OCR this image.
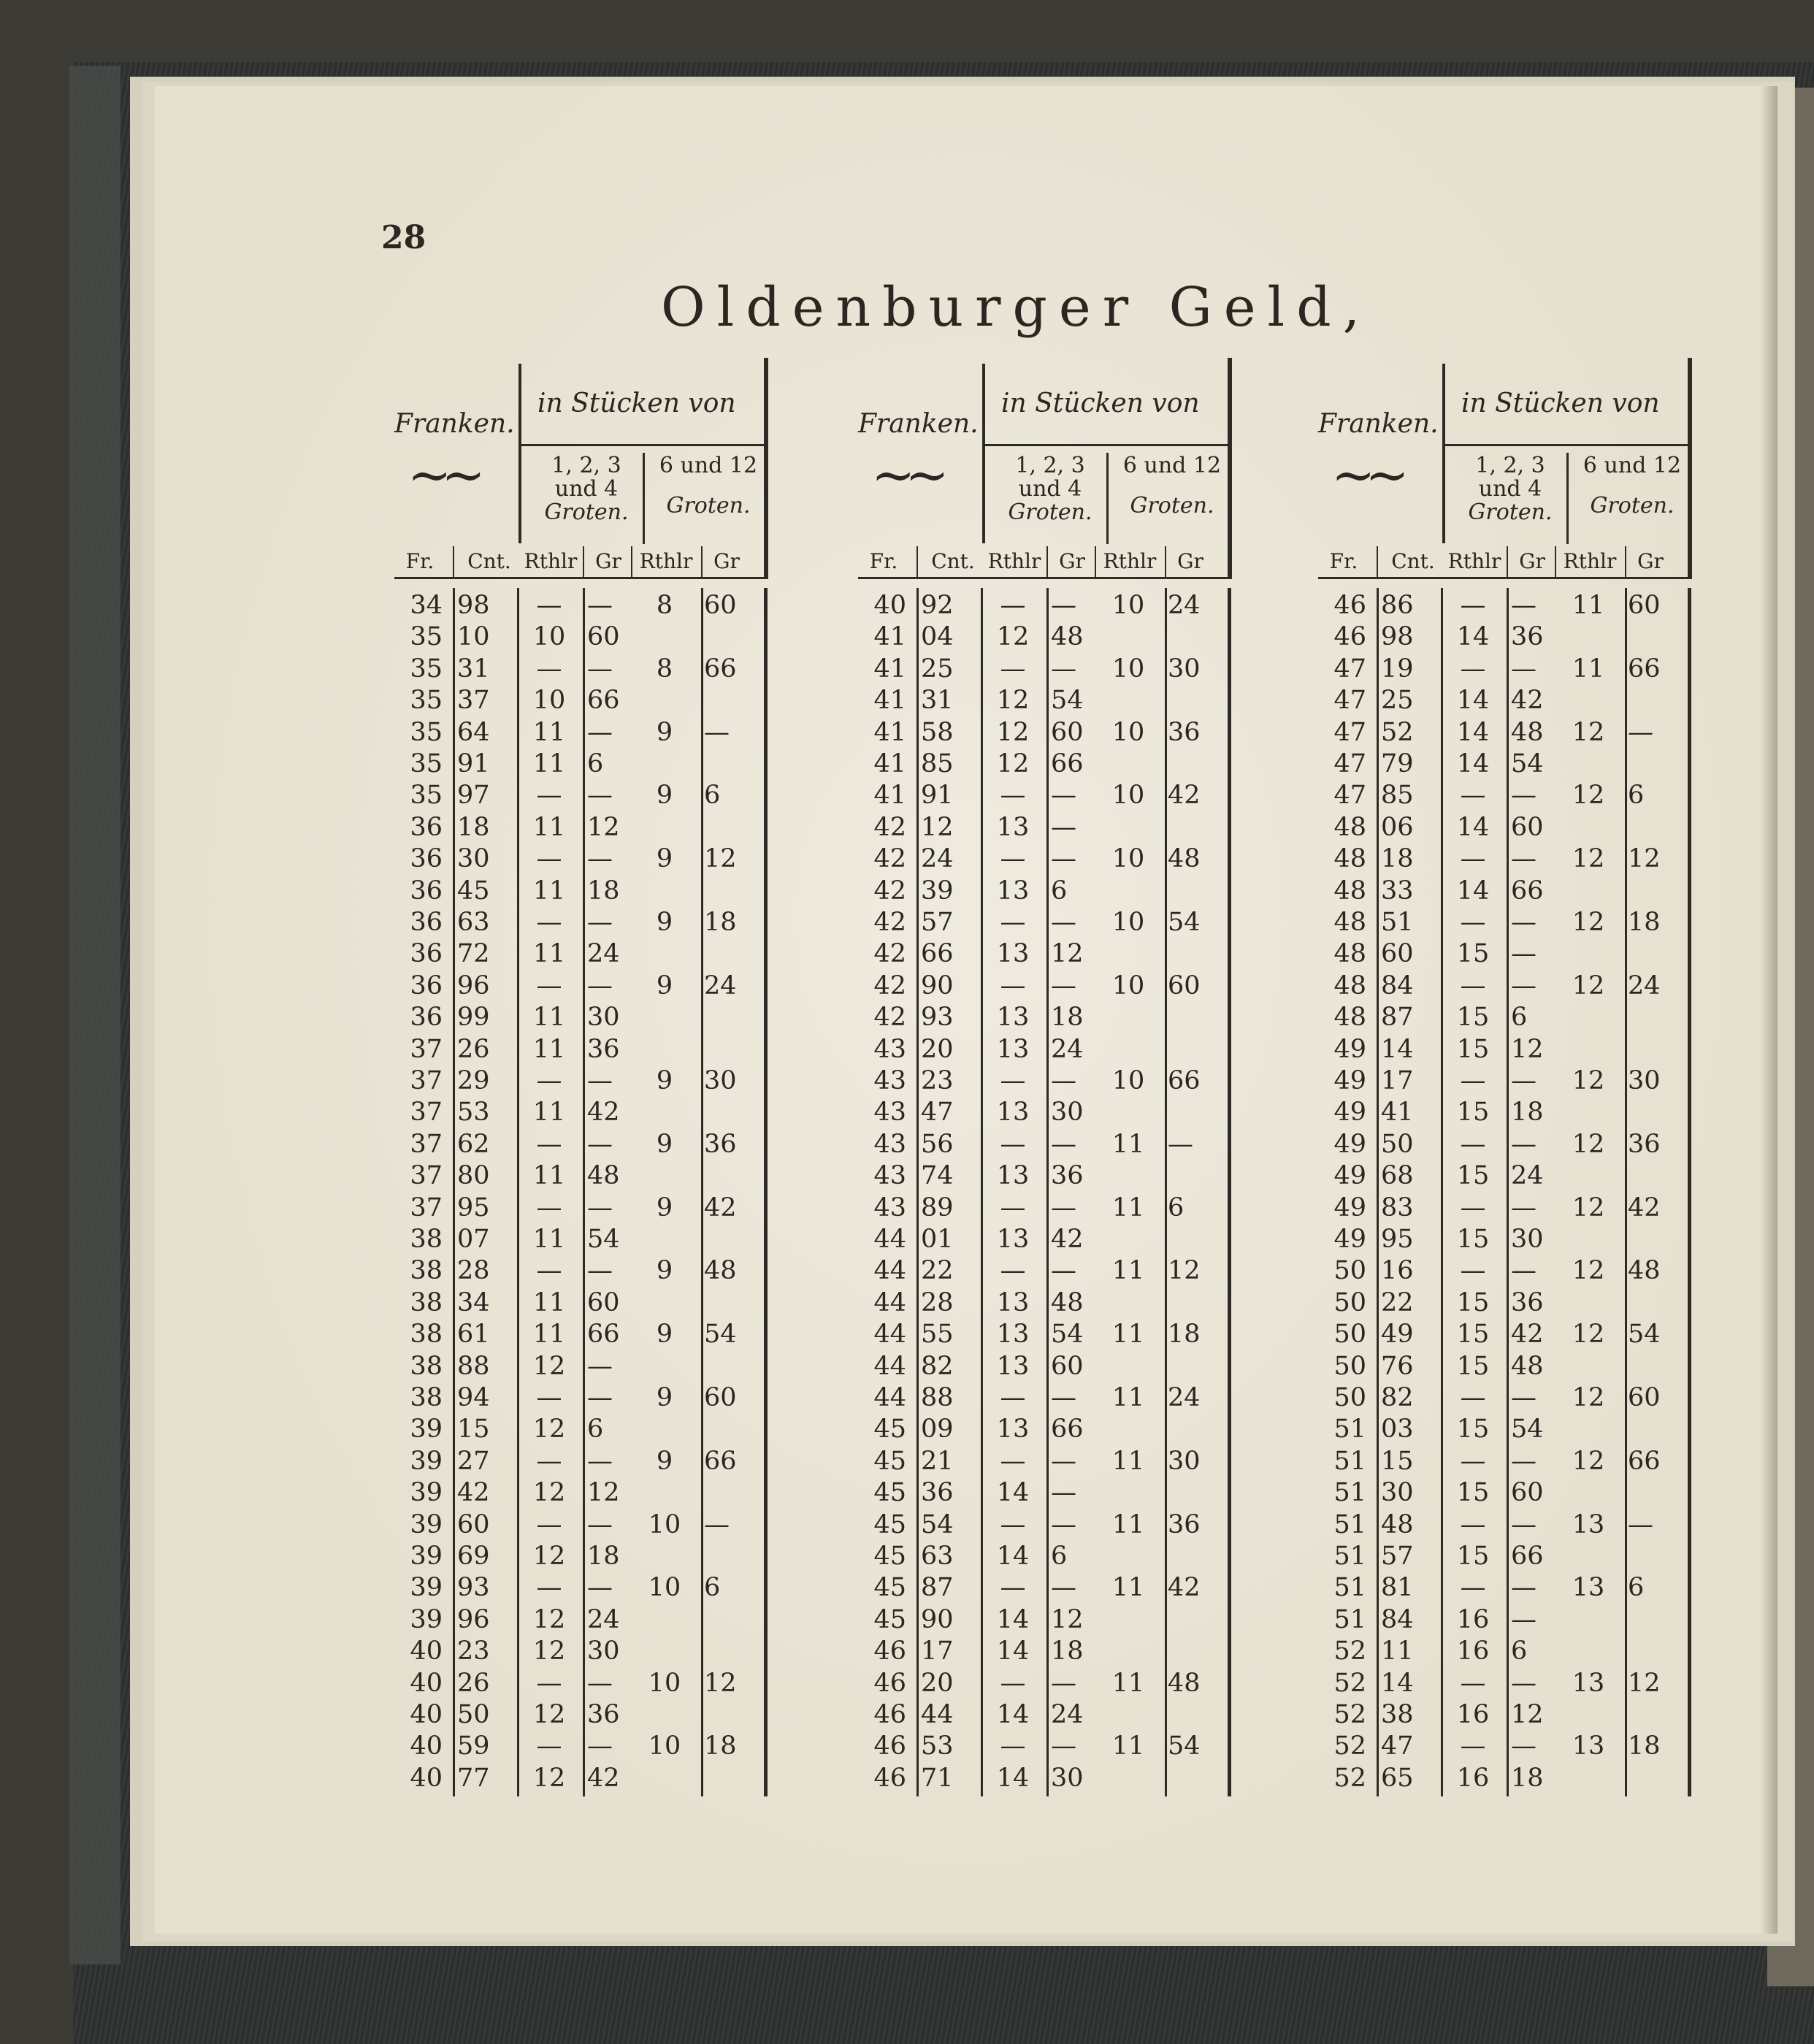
28
Oldenburger Geld,
Franken.
~~
in Stücken von
1, 2, 3
und 4
Groten.
6 und 12
Groten.
Fr.	Cnt. Rthlr Gr Rthlr	Gr
34 98	— —	8	60
35 10	10 60
35 31	— —	8	66
35 37	10 66
35 64	11 —	9	—
35 91	11 6
35 97	— —	9	6
36 18	11 12
36 30	— —	9	12
36 45	11 18
36 63	— —	9	18
36 72	11 24
36 96	— —	9	24
36 99	11 30
37 26	11 36
37 29	— —	9	30
37 53	11 42
37 62	— —	9	36
37 80	11 48
37 95	— —	9	42
38 07	11 54
38 28	— —	9	48
38 34	11 60
38 61	11 66	9	54
38 88	12 —
38 94	— —	9	60
39 15	12 6
39 27	— —	9	66
39 42	12 12
39 60	— —	10 —
39 69	12 18
39 93	— —	10 6
39 96	12 24
40 23	12 30
40 26	— —	10 12
40 50	12 36
40 59	— —	10 18
40 77	12 42
Franken.
~~
in Stücken von
1, 2, 3
und 4
Groten.
6 und 12
Groten.
Fr.	Cnt. Rthlr Gr Rthlr	Gr
40 92	— —	10 24
41 04	12 48
41 25	— —	10 30
41 31	12 54
41 58	12 60	10 36
41 85	12 66
41 91	— —	10 42
42 12	13 —
42 24	— —	10 48
42 39	13 6
42 57	— —	10 54
42 66	13 12
42 90	— —	10 60
42 93	13 18
43 20	13 24
43 23	— —	10 66
43 47	13 30
43 56	— —	11 —
43 74	13 36
43 89	— —	11 6
44 01	13 42
44 22	— —	11 12
44 28	13 48
44 55	13 54	11 18
44 82	13 60
44 88	— —	11 24
45 09	13 66
45 21	— —	11 30
45 36	14 —
45 54	— —	11 36
45 63	14 6
45 87	— —	11 42
45 90	14 12
46 17	14 18
46 20	— —	11 48
46 44	14 24
46 53	— —	11 54
46 71	14 30
Franken.
~~
in Stücken von
1, 2, 3
und 4
Groten.
6 und 12
Groten.
Fr.	Cnt. Rthlr Gr Rthlr	Gr
46 86	— —	11 60
46 98	14 36
47 19	— —	11 66
47 25	14 42
47 52	14 48	12 —
47 79	14 54
47 85	— —	12 6
48 06	14 60
48 18	— —	12 12
48 33	14 66
48 51	— —	12 18
48 60	15 —
48 84	— —	12 24
48 87	15 6
49 14	15 12
49 17	— —	12 30
49 41	15 18
49 50	— —	12 36
49 68	15 24
49 83	— —	12 42
49 95	15 30
50 16	— —	12 48
50 22	15 36
50 49	15 42	12 54
50 76	15 48
50 82	— —	12 60
51 03	15 54
51 15	— —	12 66
51 30	15 60
51 48	— —	13 —
51 57	15 66
51 81	— —	13 6
51 84	16 —
52 11	16 6
52 14	— —	13 12
52 38	16 12
52 47	— —	13 18
52 65	16 18
